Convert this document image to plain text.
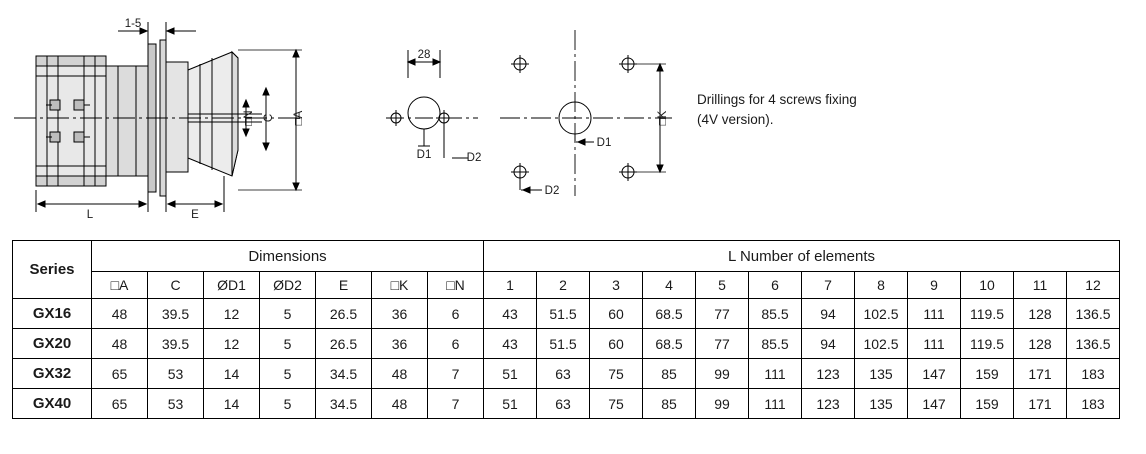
1-5
□N C □A
L	E
28
D1	D2
D1
D2
□K
Drillings for 4 screws fixing
(4V version).
Series	Dimensions							L Number of elements											
	□A	C	ØD1	ØD2	E	□K	□N	1	2	3	4	5	6	7	8	9	10	11	12
GX16	48	39.5	12	5	26.5	36	6	43	51.5	60	68.5	77	85.5	94	102.5	111	119.5	128	136.5
GX20	48	39.5	12	5	26.5	36	6	43	51.5	60	68.5	77	85.5	94	102.5	111	119.5	128	136.5
GX32	65	53	14	5	34.5	48	7	51	63	75	85	99	111	123	135	147	159	171	183
GX40	65	53	14	5	34.5	48	7	51	63	75	85	99	111	123	135	147	159	171	183
